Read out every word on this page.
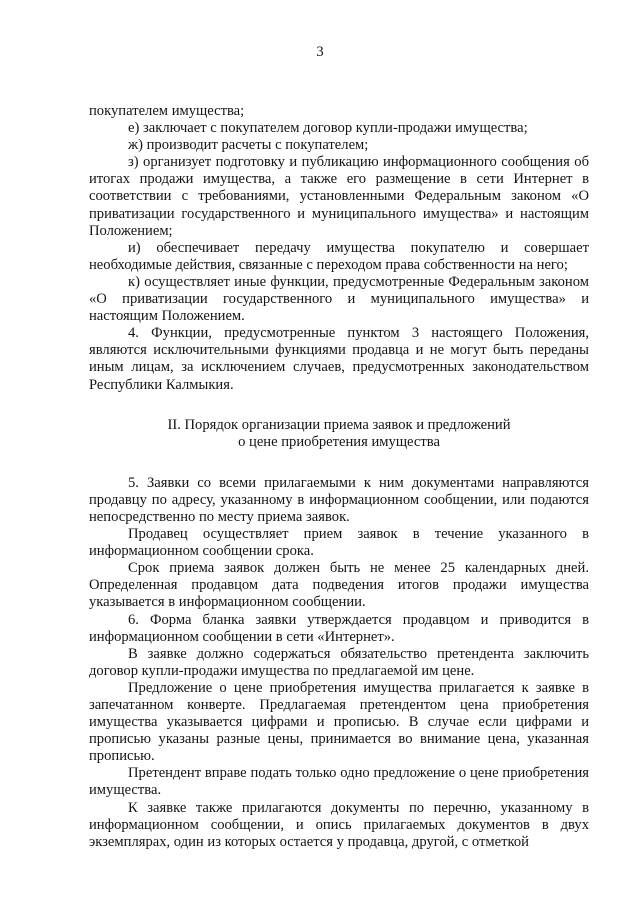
3

покупателем имущества;

е) заключает с покупателем договор купли-продажи имущества;

ж) производит расчеты с покупателем;

з) организует подготовку и публикацию информационного сообщения об итогах продажи имущества, а также его размещение в сети Интернет в соответствии с требованиями, установленными Федеральным законом «О приватизации государственного и муниципального имущества» и настоящим Положением;

и) обеспечивает передачу имущества покупателю и совершает необходимые действия, связанные с переходом права собственности на него;

к) осуществляет иные функции, предусмотренные Федеральным законом «О приватизации государственного и муниципального имущества» и настоящим Положением.

4. Функции, предусмотренные пунктом 3 настоящего Положения, являются исключительными функциями продавца и не могут быть переданы иным лицам, за исключением случаев, предусмотренных законодательством Республики Калмыкия.

II. Порядок организации приема заявок и предложений
о цене приобретения имущества

5. Заявки со всеми прилагаемыми к ним документами направляются продавцу по адресу, указанному в информационном сообщении, или подаются непосредственно по месту приема заявок.

Продавец осуществляет прием заявок в течение указанного в информационном сообщении срока.

Срок приема заявок должен быть не менее 25 календарных дней. Определенная продавцом дата подведения итогов продажи имущества указывается в информационном сообщении.

6. Форма бланка заявки утверждается продавцом и приводится в информационном сообщении в сети «Интернет».

В заявке должно содержаться обязательство претендента заключить договор купли-продажи имущества по предлагаемой им цене.

Предложение о цене приобретения имущества прилагается к заявке в запечатанном конверте. Предлагаемая претендентом цена приобретения имущества указывается цифрами и прописью. В случае если цифрами и прописью указаны разные цены, принимается во внимание цена, указанная прописью.

Претендент вправе подать только одно предложение о цене приобретения имущества.

К заявке также прилагаются документы по перечню, указанному в информационном сообщении, и опись прилагаемых документов в двух экземплярах, один из которых остается у продавца, другой, с отметкой
